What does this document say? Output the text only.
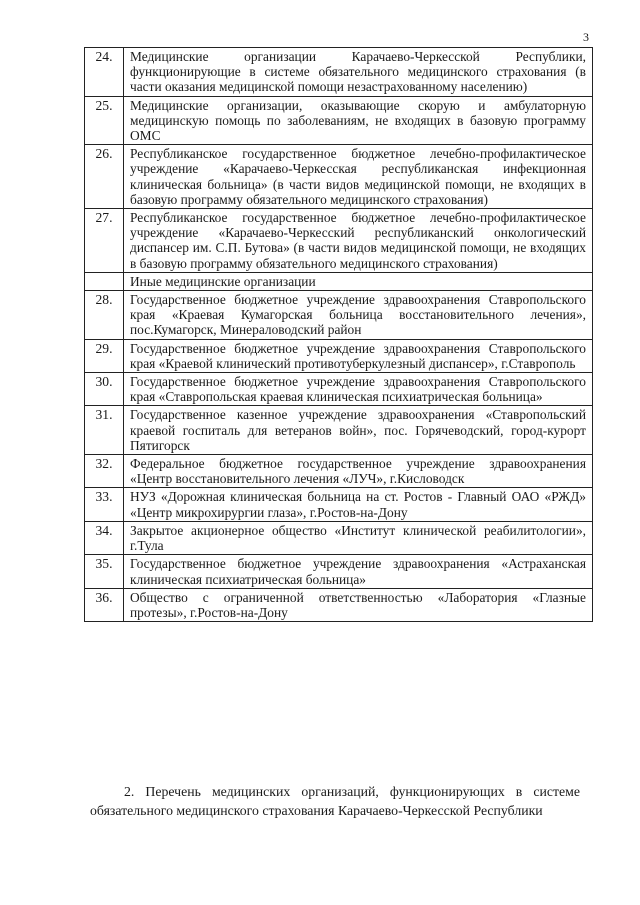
3
24.	Медицинские организации Карачаево-Черкесской Республики, функционирующие в системе обязательного медицинского страхования (в части оказания медицинской помощи незастрахованному населению)
25.	Медицинские организации, оказывающие скорую и амбулаторную медицинскую помощь по заболеваниям, не входящих в базовую программу ОМС
26.	Республиканское государственное бюджетное лечебно-профилактическое учреждение «Карачаево-Черкесская республиканская инфекционная клиническая больница» (в части видов медицинской помощи, не входящих в базовую программу обязательного медицинского страхования)
27.	Республиканское государственное бюджетное лечебно-профилактическое учреждение «Карачаево-Черкесский республиканский онкологический диспансер им. С.П. Бутова» (в части видов медицинской помощи, не входящих в базовую программу обязательного медицинского страхования)
	Иные медицинские организации
28.	Государственное бюджетное учреждение здравоохранения Ставропольского края «Краевая Кумагорская больница восстановительного лечения», пос.Кумагорск, Минераловодский район
29.	Государственное бюджетное учреждение здравоохранения Ставропольского края «Краевой клинический противотуберкулезный диспансер», г.Ставрополь
30.	Государственное бюджетное учреждение здравоохранения Ставропольского края «Ставропольская краевая клиническая психиатрическая больница»
31.	Государственное казенное учреждение здравоохранения «Ставропольский краевой госпиталь для ветеранов войн», пос. Горячеводский, город-курорт Пятигорск
32.	Федеральное бюджетное государственное учреждение здравоохранения «Центр восстановительного лечения «ЛУЧ», г.Кисловодск
33.	НУЗ «Дорожная клиническая больница на ст. Ростов - Главный ОАО «РЖД» «Центр микрохирургии глаза», г.Ростов-на-Дону
34.	Закрытое акционерное общество «Институт клинической реабилитологии», г.Тула
35.	Государственное бюджетное учреждение здравоохранения «Астраханская клиническая психиатрическая больница»
36.	Общество с ограниченной ответственностью «Лаборатория «Глазные протезы», г.Ростов-на-Дону

2. Перечень медицинских организаций, функционирующих в системе обязательного медицинского страхования Карачаево-Черкесской Республики
